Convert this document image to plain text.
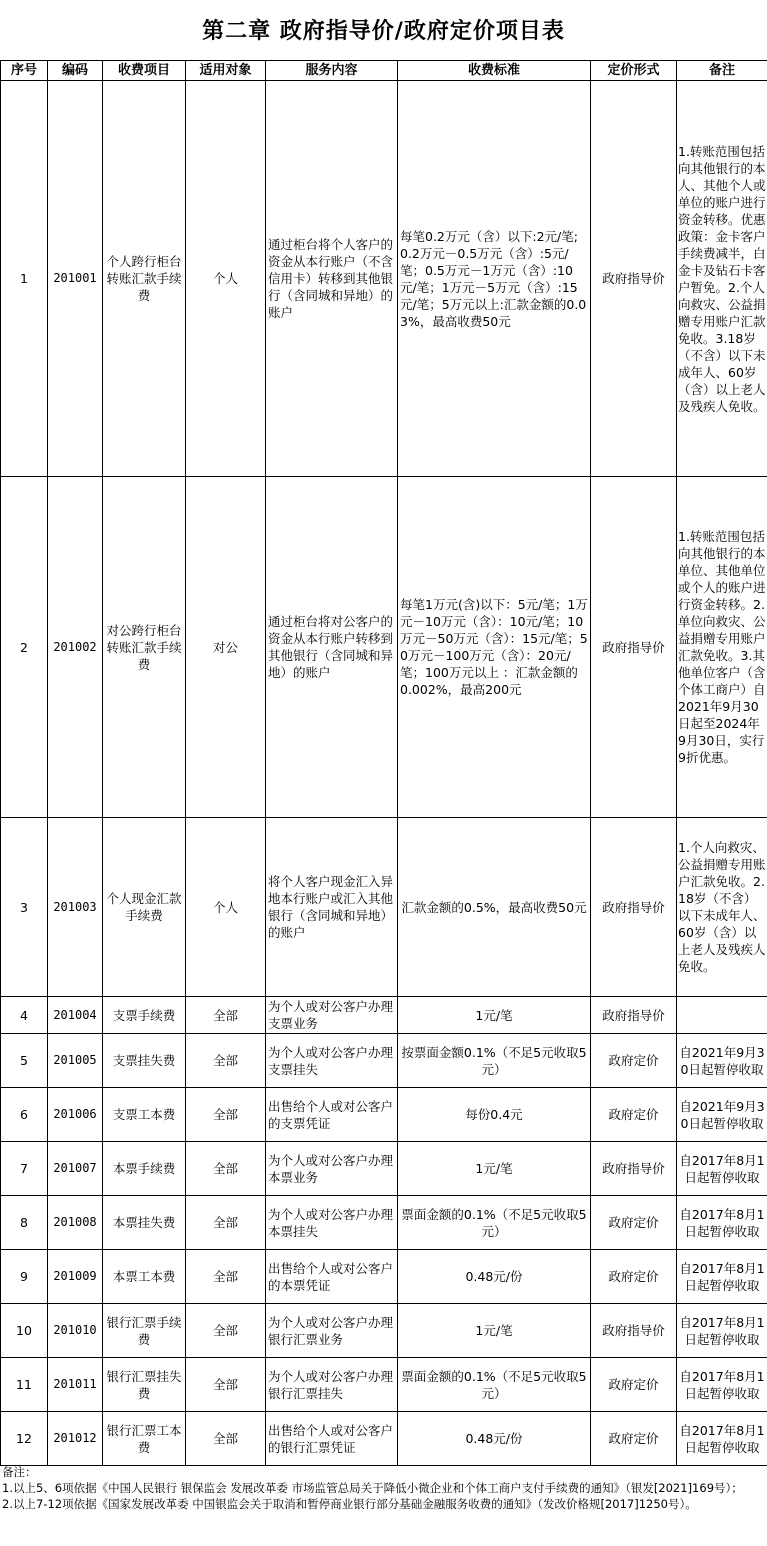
第二章 政府指导价/政府定价项目表
序号	编码	收费项目	适用对象	服务内容	收费标准	定价形式	备注
1	201001	个人跨行柜台转账汇款手续费	个人	通过柜台将个人客户的资金从本行账户（不含信用卡）转移到其他银行（含同城和异地）的账户	每笔0.2万元（含）以下:2元/笔;0.2万元－0.5万元（含）:5元/笔；0.5万元－1万元（含）:10元/笔；1万元－5万元（含）:15元/笔；5万元以上:汇款金额的0.03%，最高收费50元	政府指导价	1.转账范围包括向其他银行的本人、其他个人或单位的账户进行资金转移。优惠政策：金卡客户手续费减半，白金卡及钻石卡客户暂免。2.个人向救灾、公益捐赠专用账户汇款免收。3.18岁（不含）以下未成年人、60岁（含）以上老人及残疾人免收。
2	201002	对公跨行柜台转账汇款手续费	对公	通过柜台将对公客户的资金从本行账户转移到其他银行（含同城和异地）的账户	每笔1万元(含)以下：5元/笔；1万元－10万元（含）：10元/笔；10万元－50万元（含）：15元/笔；50万元－100万元（含）：20元/笔；100万元以上 ：汇款金额的0.002%，最高200元	政府指导价	1.转账范围包括向其他银行的本单位、其他单位或个人的账户进行资金转移。2.单位向救灾、公益捐赠专用账户汇款免收。3.其他单位客户（含个体工商户）自2021年9月30日起至2024年9月30日，实行9折优惠。
3	201003	个人现金汇款手续费	个人	将个人客户现金汇入异地本行账户或汇入其他银行（含同城和异地）的账户	汇款金额的0.5%，最高收费50元	政府指导价	1.个人向救灾、公益捐赠专用账户汇款免收。2.18岁（不含）以下未成年人、60岁（含）以上老人及残疾人免收。
4	201004	支票手续费	全部	为个人或对公客户办理支票业务	1元/笔	政府指导价	
5	201005	支票挂失费	全部	为个人或对公客户办理支票挂失	按票面金额0.1%（不足5元收取5元）	政府定价	自2021年9月30日起暂停收取
6	201006	支票工本费	全部	出售给个人或对公客户的支票凭证	每份0.4元	政府定价	自2021年9月30日起暂停收取
7	201007	本票手续费	全部	为个人或对公客户办理本票业务	1元/笔	政府指导价	自2017年8月1日起暂停收取
8	201008	本票挂失费	全部	为个人或对公客户办理本票挂失	票面金额的0.1%（不足5元收取5元）	政府定价	自2017年8月1日起暂停收取
9	201009	本票工本费	全部	出售给个人或对公客户的本票凭证	0.48元/份	政府定价	自2017年8月1日起暂停收取
10	201010	银行汇票手续费	全部	为个人或对公客户办理银行汇票业务	1元/笔	政府指导价	自2017年8月1日起暂停收取
11	201011	银行汇票挂失费	全部	为个人或对公客户办理银行汇票挂失	票面金额的0.1%（不足5元收取5元）	政府定价	自2017年8月1日起暂停收取
12	201012	银行汇票工本费	全部	出售给个人或对公客户的银行汇票凭证	0.48元/份	政府定价	自2017年8月1日起暂停收取
备注：
1.以上5、6项依据《中国人民银行 银保监会 发展改革委 市场监管总局关于降低小微企业和个体工商户支付手续费的通知》（银发[2021]169号）；
2.以上7-12项依据《国家发展改革委 中国银监会关于取消和暂停商业银行部分基础金融服务收费的通知》（发改价格规[2017]1250号）。
